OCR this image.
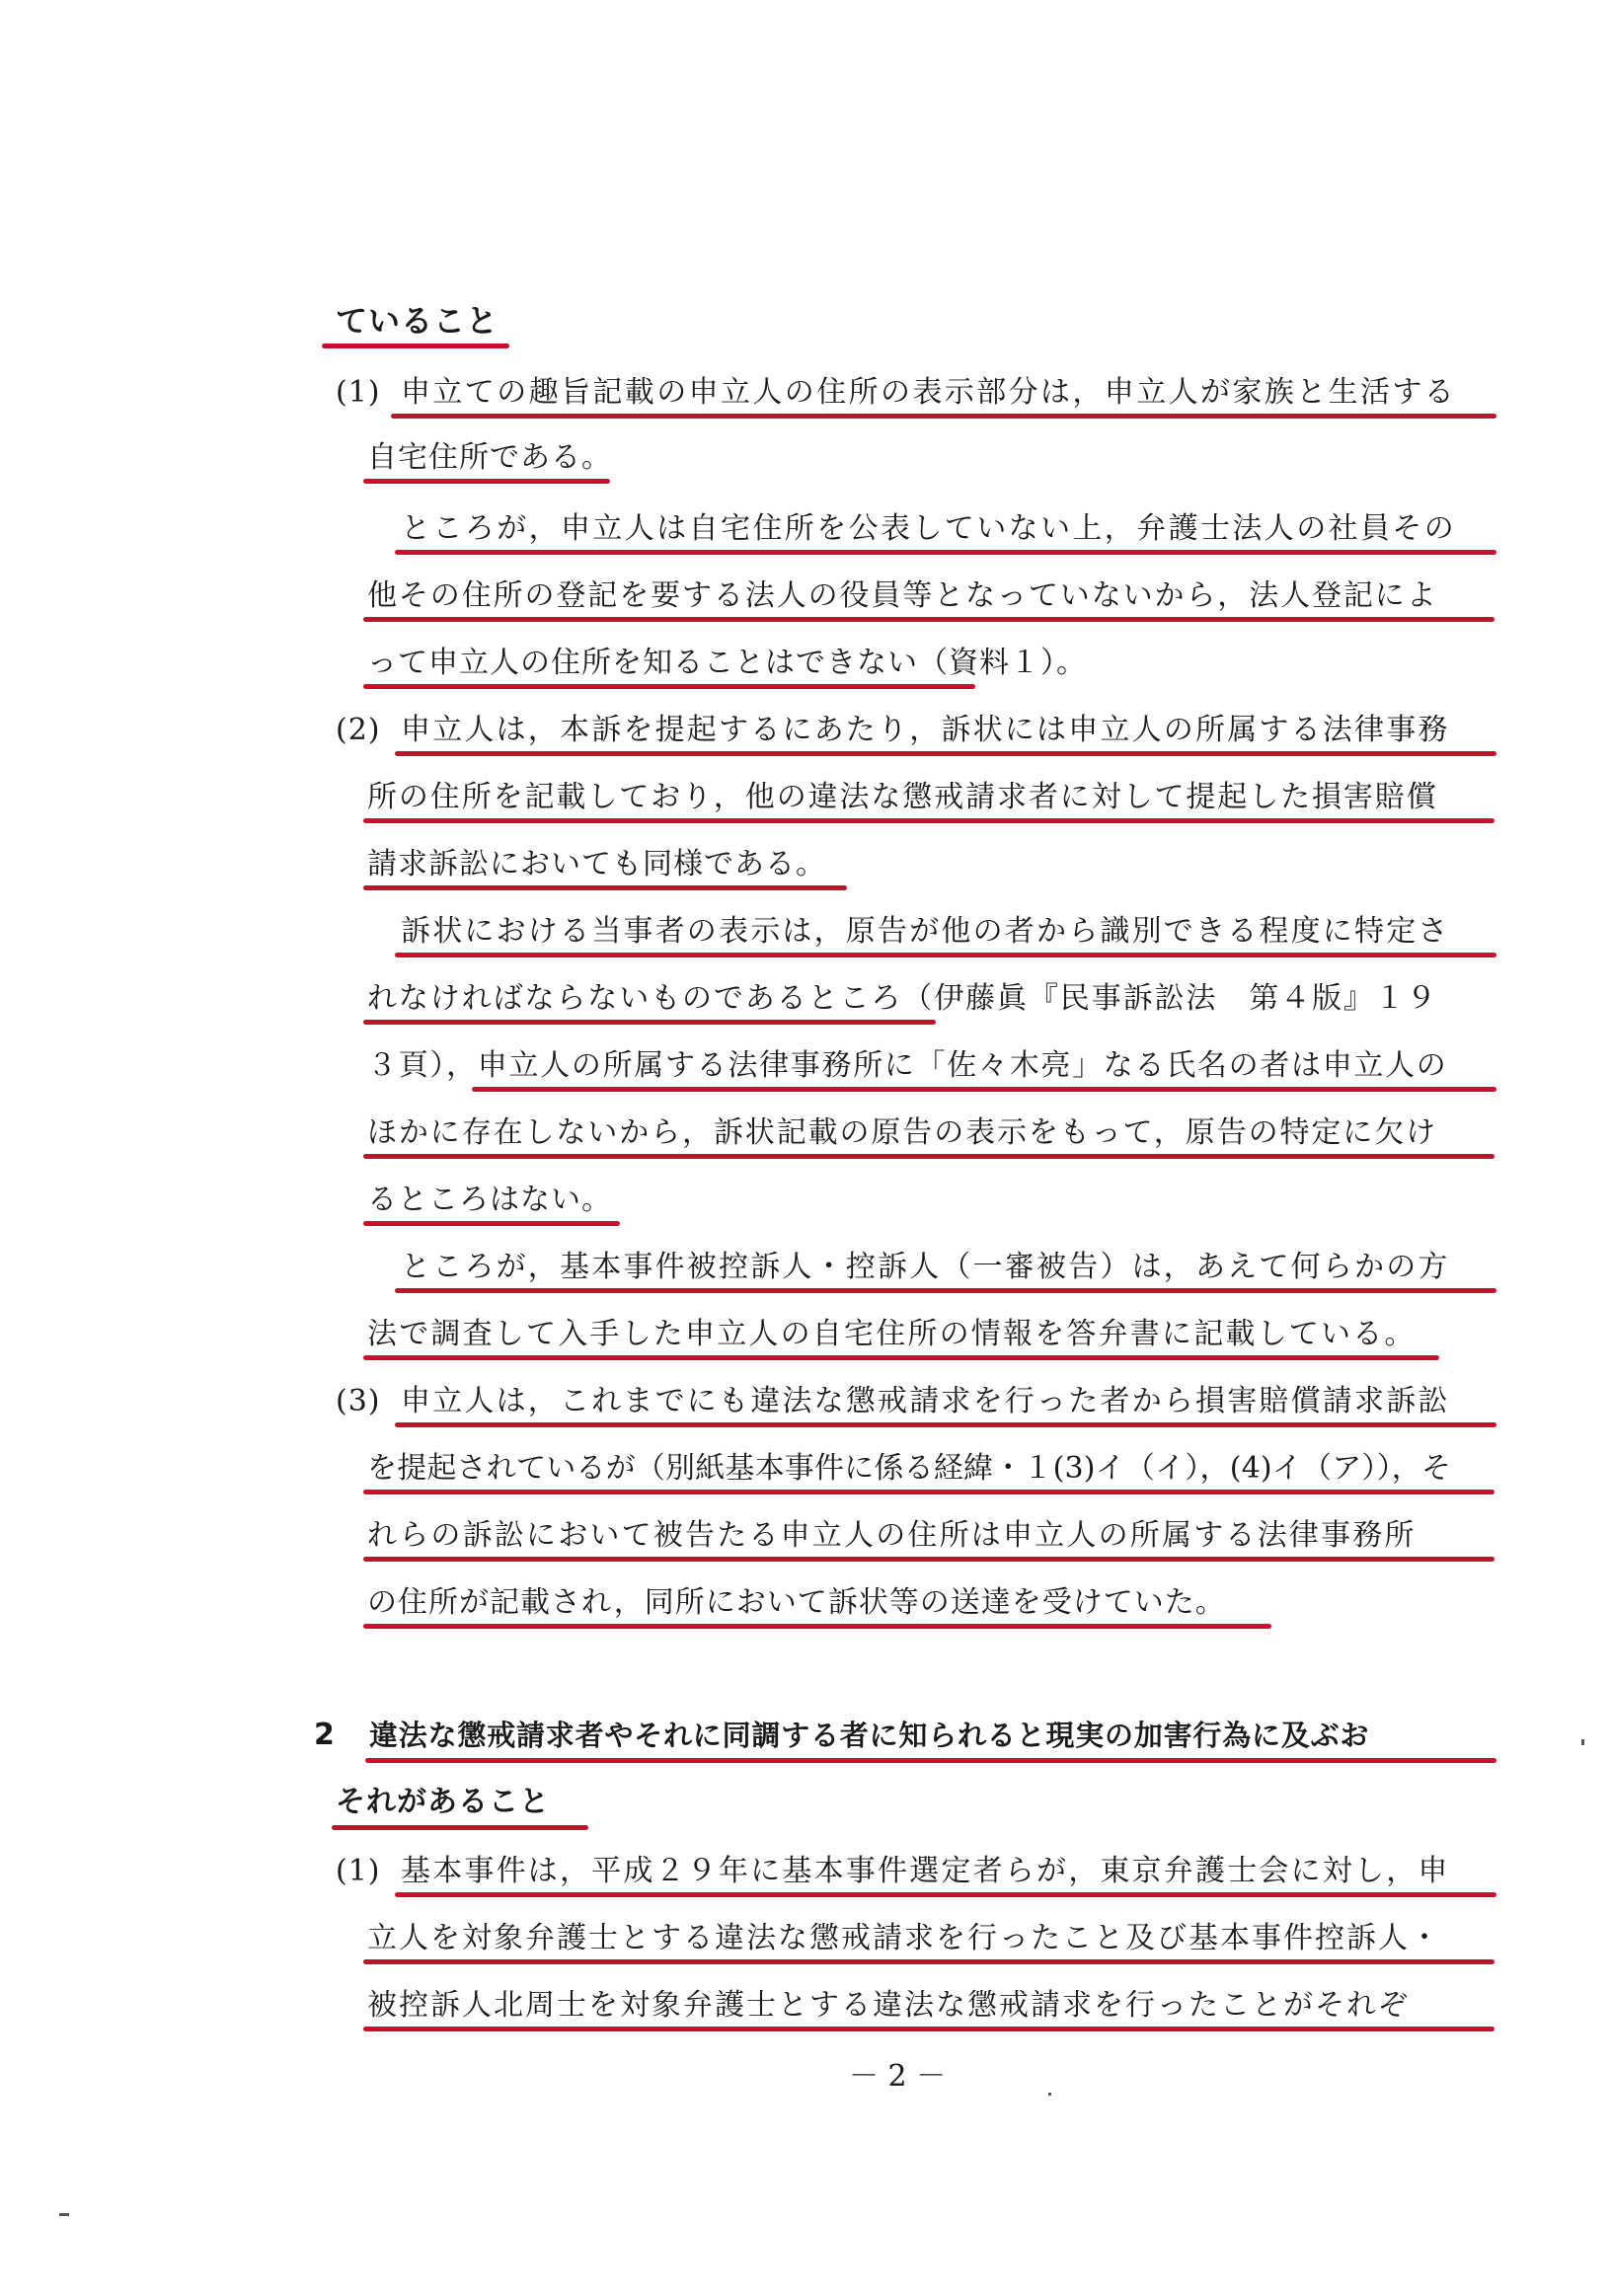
ていること
(1) 申立ての趣旨記載の申立人の住所の表示部分は，申立人が家族と生活する
自宅住所である。
ところが，申立人は自宅住所を公表していない上，弁護士法人の社員その
他その住所の登記を要する法人の役員等となっていないから，法人登記によ
って申立人の住所を知ることはできない（資料１）。
(2) 申立人は，本訴を提起するにあたり，訴状には申立人の所属する法律事務
所の住所を記載しており，他の違法な懲戒請求者に対して提起した損害賠償
請求訴訟においても同様である。
訴状における当事者の表示は，原告が他の者から識別できる程度に特定さ
れなければならないものであるところ（伊藤眞『民事訴訟法　第４版』１９
３頁），申立人の所属する法律事務所に「佐々木亮」なる氏名の者は申立人の
ほかに存在しないから，訴状記載の原告の表示をもって，原告の特定に欠け
るところはない。
ところが，基本事件被控訴人・控訴人（一審被告）は，あえて何らかの方
法で調査して入手した申立人の自宅住所の情報を答弁書に記載している。
(3) 申立人は，これまでにも違法な懲戒請求を行った者から損害賠償請求訴訟
を提起されているが（別紙基本事件に係る経緯・１(3)イ（イ），(4)イ（ア）），そ
れらの訴訟において被告たる申立人の住所は申立人の所属する法律事務所
の住所が記載され，同所において訴状等の送達を受けていた。
2 違法な懲戒請求者やそれに同調する者に知られると現実の加害行為に及ぶお
それがあること
(1) 基本事件は，平成２９年に基本事件選定者らが，東京弁護士会に対し，申
立人を対象弁護士とする違法な懲戒請求を行ったこと及び基本事件控訴人・
被控訴人北周士を対象弁護士とする違法な懲戒請求を行ったことがそれぞ
－ 2 －
